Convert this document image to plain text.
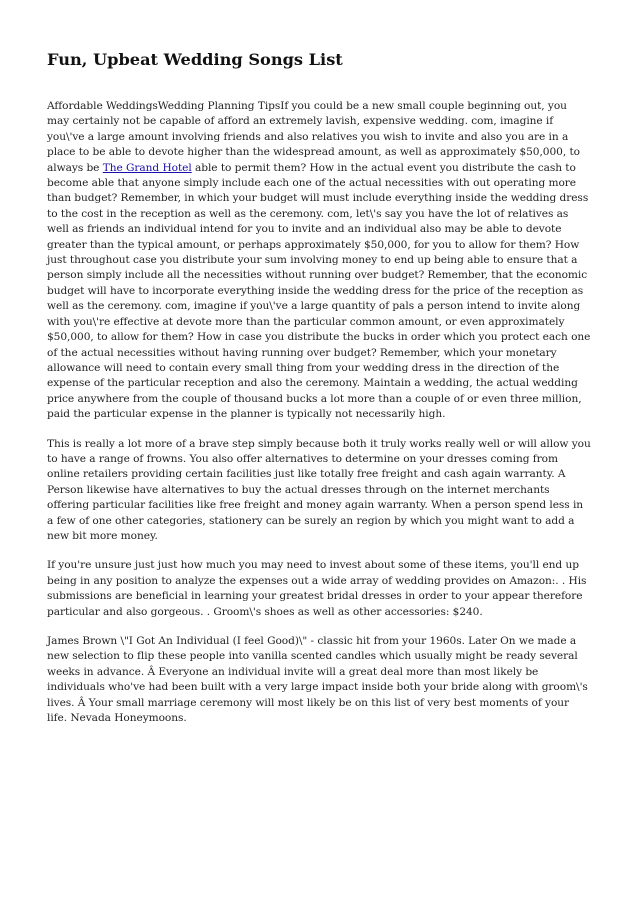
Fun, Upbeat Wedding Songs List

Affordable WeddingsWedding Planning TipsIf you could be a new small couple beginning out, you may certainly not be capable of afford an extremely lavish, expensive wedding. com, imagine if you\'ve a large amount involving friends and also relatives you wish to invite and also you are in a place to be able to devote higher than the widespread amount, as well as approximately $50,000, to always be The Grand Hotel able to permit them? How in the actual event you distribute the cash to become able that anyone simply include each one of the actual necessities with out operating more than budget? Remember, in which your budget will must include everything inside the wedding dress to the cost in the reception as well as the ceremony. com, let\'s say you have the lot of relatives as well as friends an individual intend for you to invite and an individual also may be able to devote greater than the typical amount, or perhaps approximately $50,000, for you to allow for them? How just throughout case you distribute your sum involving money to end up being able to ensure that a person simply include all the necessities without running over budget? Remember, that the economic budget will have to incorporate everything inside the wedding dress for the price of the reception as well as the ceremony. com, imagine if you\'ve a large quantity of pals a person intend to invite along with you\'re effective at devote more than the particular common amount, or even approximately $50,000, to allow for them? How in case you distribute the bucks in order which you protect each one of the actual necessities without having running over budget? Remember, which your monetary allowance will need to contain every small thing from your wedding dress in the direction of the expense of the particular reception and also the ceremony. Maintain a wedding, the actual wedding price anywhere from the couple of thousand bucks a lot more than a couple of or even three million, paid the particular expense in the planner is typically not necessarily high.

This is really a lot more of a brave step simply because both it truly works really well or will allow you to have a range of frowns. You also offer alternatives to determine on your dresses coming from online retailers providing certain facilities just like totally free freight and cash again warranty. A Person likewise have alternatives to buy the actual dresses through on the internet merchants offering particular facilities like free freight and money again warranty. When a person spend less in a few of one other categories, stationery can be surely an region by which you might want to add a new bit more money.

If you're unsure just just how much you may need to invest about some of these items, you'll end up being in any position to analyze the expenses out a wide array of wedding provides on Amazon:. . His submissions are beneficial in learning your greatest bridal dresses in order to your appear therefore particular and also gorgeous. . Groom\'s shoes as well as other accessories: $240.

James Brown \"I Got An Individual (I feel Good)\" - classic hit from your 1960s. Later On we made a new selection to flip these people into vanilla scented candles which usually might be ready several weeks in advance. Â Everyone an individual invite will a great deal more than most likely be individuals who've had been built with a very large impact inside both your bride along with groom\'s lives. Â Your small marriage ceremony will most likely be on this list of very best moments of your life. Nevada Honeymoons.
